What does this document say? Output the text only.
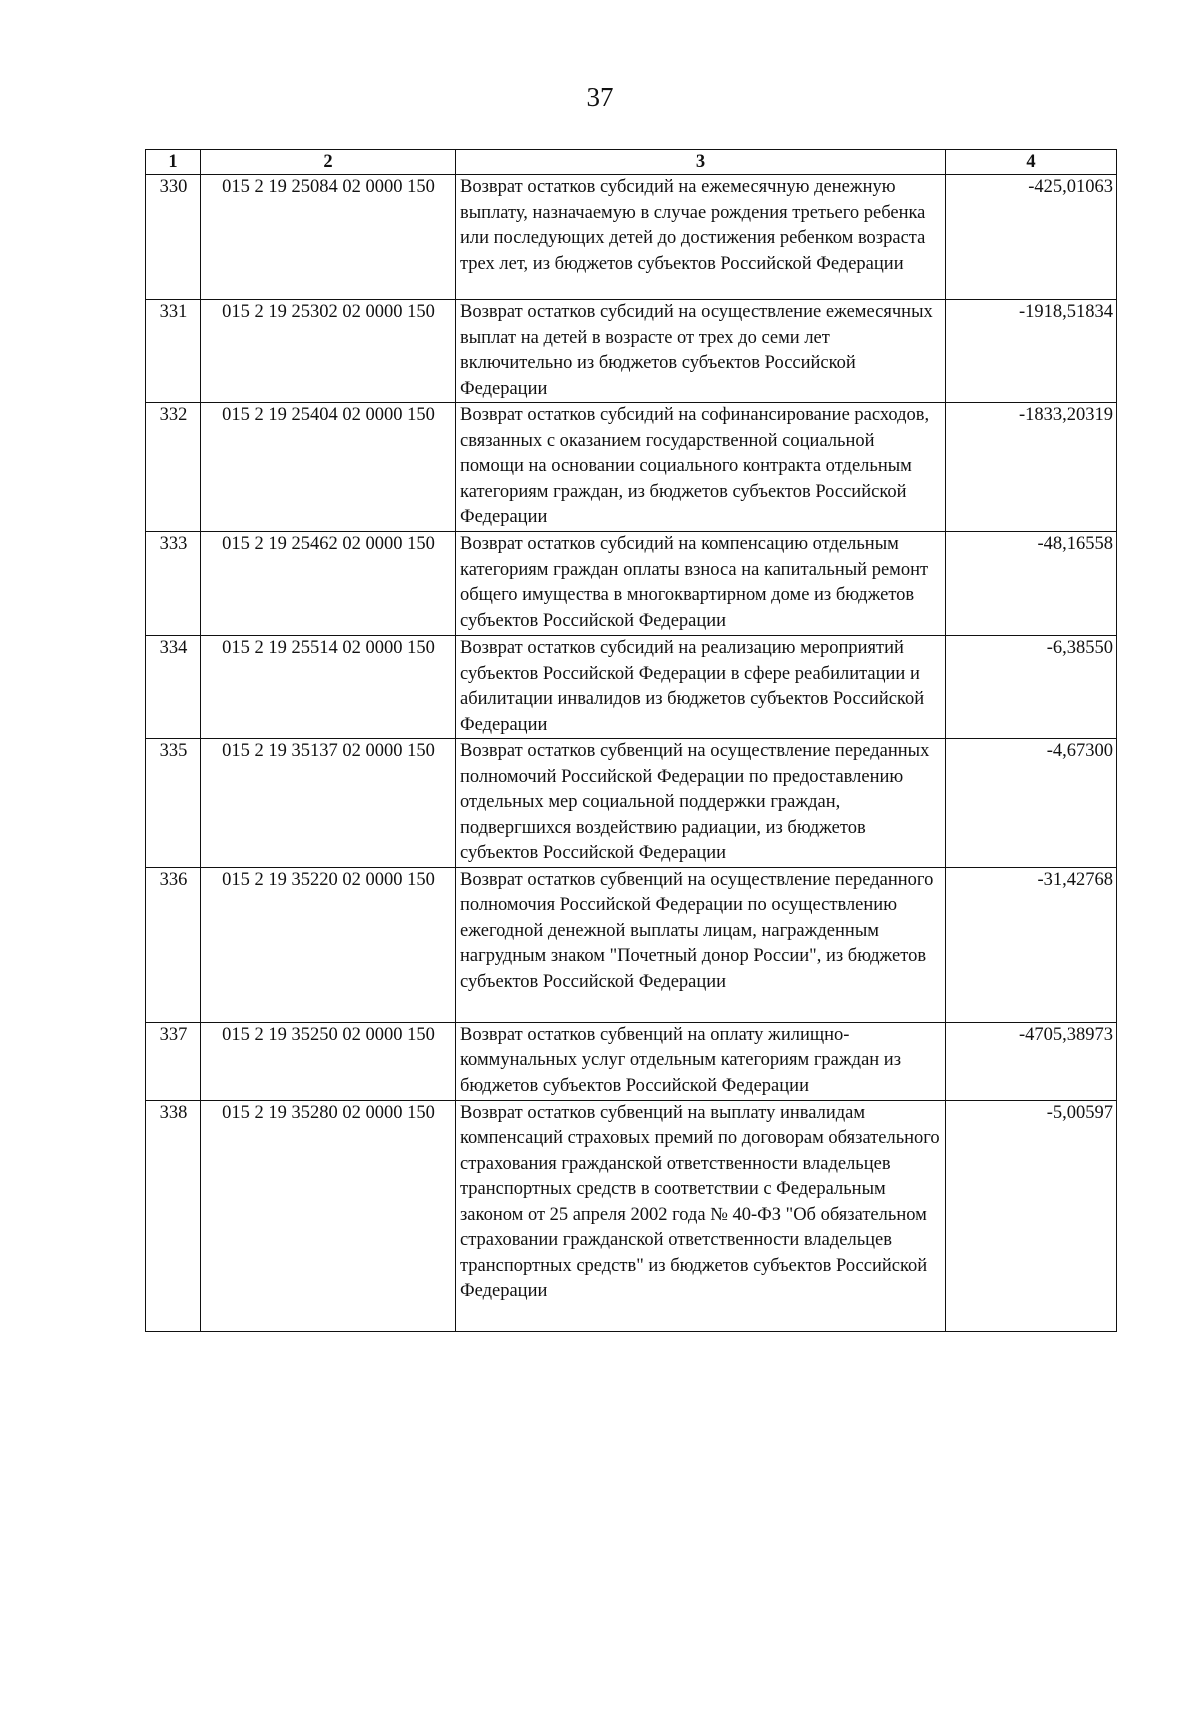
37
1	2	3	4
330	015 2 19 25084 02 0000 150	Возврат остатков субсидий на ежемесячную денежную выплату, назначаемую в случае рождения третьего ребенка или последующих детей до достижения ребенком возраста трех лет, из бюджетов субъектов Российской Федерации	-425,01063
331	015 2 19 25302 02 0000 150	Возврат остатков субсидий на осуществление ежемесячных выплат на детей в возрасте от трех до семи лет включительно из бюджетов субъектов Российской Федерации	-1918,51834
332	015 2 19 25404 02 0000 150	Возврат остатков субсидий на софинансирование расходов, связанных с оказанием государственной социальной помощи на основании социального контракта отдельным категориям граждан, из бюджетов субъектов Российской Федерации	-1833,20319
333	015 2 19 25462 02 0000 150	Возврат остатков субсидий на компенсацию отдельным категориям граждан оплаты взноса на капитальный ремонт общего имущества в многоквартирном доме из бюджетов субъектов Российской Федерации	-48,16558
334	015 2 19 25514 02 0000 150	Возврат остатков субсидий на реализацию мероприятий субъектов Российской Федерации в сфере реабилитации и абилитации инвалидов из бюджетов субъектов Российской Федерации	-6,38550
335	015 2 19 35137 02 0000 150	Возврат остатков субвенций на осуществление переданных полномочий Российской Федерации по предоставлению отдельных мер социальной поддержки граждан, подвергшихся воздействию радиации, из бюджетов субъектов Российской Федерации	-4,67300
336	015 2 19 35220 02 0000 150	Возврат остатков субвенций на осуществление переданного полномочия Российской Федерации по осуществлению ежегодной денежной выплаты лицам, награжденным нагрудным знаком "Почетный донор России", из бюджетов субъектов Российской Федерации	-31,42768
337	015 2 19 35250 02 0000 150	Возврат остатков субвенций на оплату жилищно-коммунальных услуг отдельным категориям граждан из бюджетов субъектов Российской Федерации	-4705,38973
338	015 2 19 35280 02 0000 150	Возврат остатков субвенций на выплату инвалидам компенсаций страховых премий по договорам обязательного страхования гражданской ответственности владельцев транспортных средств в соответствии с Федеральным законом от 25 апреля 2002 года № 40-ФЗ "Об обязательном страховании гражданской ответственности владельцев транспортных средств" из бюджетов субъектов Российской Федерации	-5,00597
